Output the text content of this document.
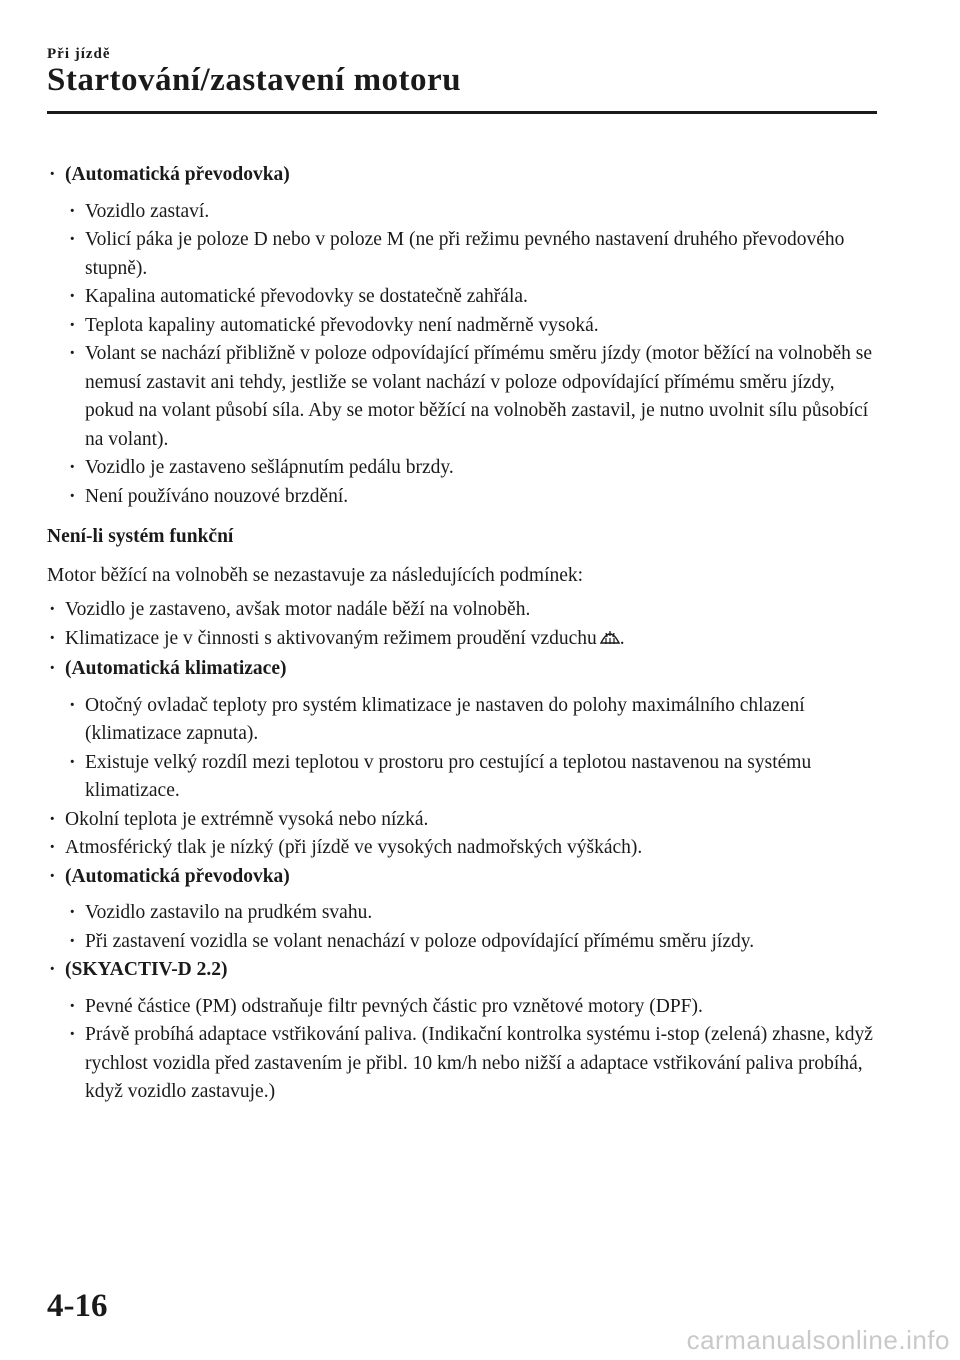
Při jízdě
Startování/zastavení motoru
· (Automatická převodovka)
· Vozidlo zastaví.
· Volicí páka je poloze D nebo v poloze M (ne při režimu pevného nastavení druhého převodového stupně).
· Kapalina automatické převodovky se dostatečně zahřála.
· Teplota kapaliny automatické převodovky není nadměrně vysoká.
· Volant se nachází přibližně v poloze odpovídající přímému směru jízdy (motor běžící na volnoběh se nemusí zastavit ani tehdy, jestliže se volant nachází v poloze odpovídající přímému směru jízdy, pokud na volant působí síla. Aby se motor běžící na volnoběh zastavil, je nutno uvolnit sílu působící na volant).
· Vozidlo je zastaveno sešlápnutím pedálu brzdy.
· Není používáno nouzové brzdění.
Není-li systém funkční
Motor běžící na volnoběh se nezastavuje za následujících podmínek:
· Vozidlo je zastaveno, avšak motor nadále běží na volnoběh.
· Klimatizace je v činnosti s aktivovaným režimem proudění vzduchu .
· (Automatická klimatizace)
· Otočný ovladač teploty pro systém klimatizace je nastaven do polohy maximálního chlazení (klimatizace zapnuta).
· Existuje velký rozdíl mezi teplotou v prostoru pro cestující a teplotou nastavenou na systému klimatizace.
· Okolní teplota je extrémně vysoká nebo nízká.
· Atmosférický tlak je nízký (při jízdě ve vysokých nadmořských výškách).
· (Automatická převodovka)
· Vozidlo zastavilo na prudkém svahu.
· Při zastavení vozidla se volant nenachází v poloze odpovídající přímému směru jízdy.
· (SKYACTIV-D 2.2)
· Pevné částice (PM) odstraňuje filtr pevných částic pro vznětové motory (DPF).
· Právě probíhá adaptace vstřikování paliva. (Indikační kontrolka systému i-stop (zelená) zhasne, když rychlost vozidla před zastavením je přibl. 10 km/h nebo nižší a adaptace vstřikování paliva probíhá, když vozidlo zastavuje.)
4-16
carmanualsonline.info
